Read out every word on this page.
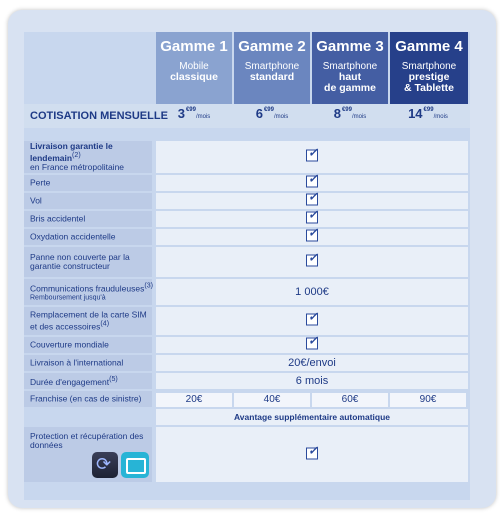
Gamme 1
Mobile
classique
Gamme 2
Smartphone
standard
Gamme 3
Smartphone
haut
de gamme
Gamme 4
Smartphone
prestige
& Tablette
COTISATION MENSUELLE $3^{€99}$/mois	$6^{€99}$/mois	$8^{€99}$/mois	$14^{€99}$/mois
Livraison garantie le lendemain$^{(2)}$
en France métropolitaine
✓
Perte
✓
Vol
✓
Bris accidentel
✓
Oxydation accidentelle
✓
Panne non couverte par la garantie constructeur
✓
Communications frauduleuses$^{(3)}$
Remboursement jusqu'à	1 000€
Remplacement de la carte SIM et des accessoires$^{(4)}$
✓
Couverture mondiale
✓
Livraison à l'international	20€/envoi
Durée d'engagement$^{(5)}$	6 mois
Franchise (en cas de sinistre)	20€	40€	60€	90€
Avantage supplémentaire automatique
Protection et récupération des données
✓
⟳
